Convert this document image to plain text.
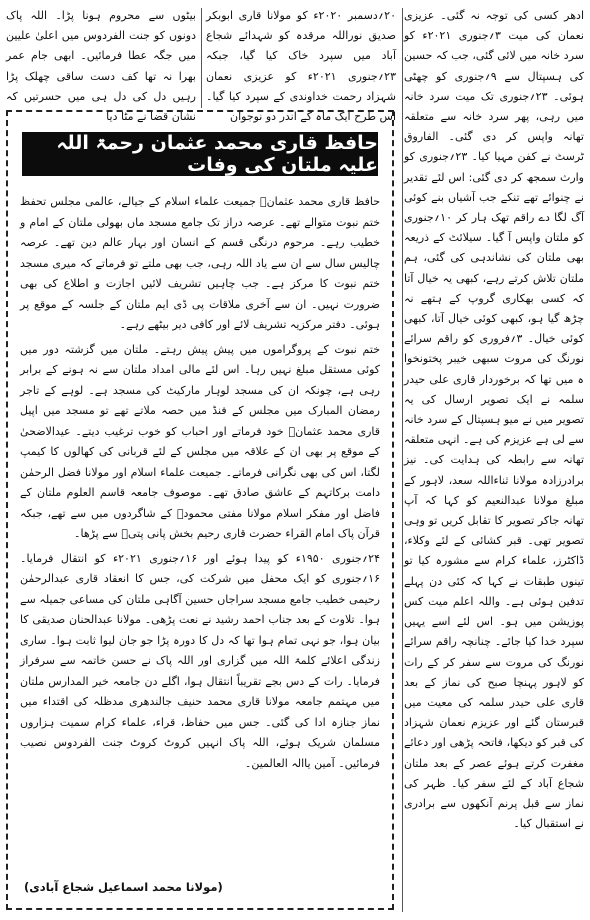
ادھر کسی کی توجہ نہ گئی۔ عزیزی نعمان کی میت ۳؍جنوری ۲۰۲۱ء کو سرد خانہ میں لائی گئی، جب کہ حسین کی ہسپتال سے ۹؍جنوری کو چھٹی ہوئی۔ ۲۳؍جنوری تک میت سرد خانہ میں رہی، پھر سرد خانہ سے متعلقہ تھانہ واپس کر دی گئی۔ الفاروق ٹرسٹ نے کفن مہیا کیا۔ ۲۳؍جنوری کو وارث سمجھ کر دی گئی: اس لئے تقدیر نے چنوائے تھے تنکے جب آشیاں بنے کوئی آگ لگا دے راقم تھک ہار کر ۱۰؍جنوری کو ملتان واپس آ گیا۔ سیلائٹ کے ذریعہ بھی ملتان کی نشاندہی کی گئی، ہم ملتان تلاش کرتے رہے، کبھی یہ خیال آتا کہ کسی بھکاری گروپ کے ہتھے نہ چڑھ گیا ہو، کبھی کوئی خیال آتا، کبھی کوئی خیال۔ ۳؍فروری کو راقم سرائے نورنگ کی مروت سبھی خیبر پختونخوا ہ میں تھا کہ برخوردار قاری علی حیدر سلمہ نے ایک تصویر ارسال کی یہ تصویر میں نے میو ہسپتال کے سرد خانہ سے لی ہے عزیزم کی ہے۔ انہی متعلقہ تھانہ سے رابطہ کی ہدایت کی۔ نیز برادرزادہ مولانا ثناءاللہ سعد، لاہور کے مبلغ مولانا عبدالنعیم کو کہا کہ آپ تھانہ جاکر تصویر کا تقابل کریں تو وہی تصویر تھی۔ قبر کشائی کے لئے وکلاء، ڈاکٹرز، علماء کرام سے مشورہ کیا تو تینوں طبقات نے کہا کہ کئی دن پہلے تدفین ہوئی ہے۔ واللہ اعلم میت کس پوزیشن میں ہو۔ اس لئے اسے یہیں سپرد خدا کیا جائے۔ چنانچہ راقم سرائے نورنگ کی مروت سے سفر کر کے رات کو لاہور پہنچا صبح کی نماز کے بعد قاری علی حیدر سلمہ کی معیت میں قبرستان گئے اور عزیزم نعمان شہزاد کی قبر کو دیکھا، فاتحہ پڑھی اور دعائے مغفرت کرتے ہوئے عصر کے بعد ملتان شجاع آباد کے لئے سفر کیا۔ ظہر کی نماز سے قبل پرنم آنکھوں سے برادری نے استقبال کیا۔

۲۰؍دسمبر ۲۰۲۰ء کو مولانا قاری ابوبکر صدیق نوراللہ مرقدہ کو شہدائے شجاع آباد میں سپرد خاک کیا گیا، جبکہ ۲۳؍جنوری ۲۰۲۱ء کو عزیزی نعمان شہزاد رحمت خداوندی کے سپرد کیا گیا۔ اس طرح ایک ماہ کے اندر دو نوجوان

بیٹوں سے محروم ہونا پڑا۔ اللہ پاک دونوں کو جنت الفردوس میں اعلیٰ علیین میں جگہ عطا فرمائیں۔ ابھی جام عمر بھرا نہ تھا کف دست ساقی چھلک پڑا رہیں دل کی دل ہی میں حسرتیں کہ نشان قضا نے مٹا دیا

حافظ قاری محمد عثمان رحمۃ اللہ علیہ ملتان کی وفات

حافظ قاری محمد عثمانؒ جمیعت علماء اسلام کے جیالے، عالمی مجلس تحفظ ختم نبوت متوالے تھے۔ عرصہ دراز تک جامع مسجد ماں بھولی ملتان کے امام و خطیب رہے۔ مرحوم درنگی قسم کے انسان اور بہار عالم دین تھے۔ عرصہ چالیس سال سے ان سے یاد اللہ رہی، جب بھی ملتے تو فرماتے کہ میری مسجد ختم نبوت کا مرکز ہے۔ جب چاہیں تشریف لائیں اجازت و اطلاع کی بھی ضرورت نہیں۔ ان سے آخری ملاقات پی ڈی ایم ملتان کے جلسہ کے موقع پر ہوئی۔ دفتر مرکزیہ تشریف لائے اور کافی دیر بیٹھے رہے۔

ختم نبوت کے پروگراموں میں پیش پیش رہتے۔ ملتان میں گزشتہ دور میں کوئی مستقل مبلغ نہیں رہا۔ اس لئے مالی امداد ملتان سے نہ ہونے کے برابر رہی ہے، چونکہ ان کی مسجد لوہار مارکیٹ کی مسجد ہے۔ لوہے کے تاجر رمضان المبارک میں مجلس کے فنڈ میں حصہ ملاتے تھے تو مسجد میں اپیل قاری محمد عثمانؒ خود فرماتے اور احباب کو خوب ترغیب دیتے۔ عیدالاضحیٰ کے موقع پر بھی ان کے علاقہ میں مجلس کے لئے قربانی کی کھالوں کا کیمپ لگتا، اس کی بھی نگرانی فرماتے۔ جمیعت علماء اسلام اور مولانا فضل الرحمٰن دامت برکاتہم کے عاشق صادق تھے۔ موصوف جامعہ قاسم العلوم ملتان کے فاضل اور مفکر اسلام مولانا مفتی محمودؒ کے شاگردوں میں سے تھے، جبکہ قرآن پاک امام القراء حضرت قاری رحیم بخش پانی پتیؒ سے پڑھا۔

۲۴؍جنوری ۱۹۵۰ء کو پیدا ہوئے اور ۱۶؍جنوری ۲۰۲۱ء کو انتقال فرمایا۔ ۱۶؍جنوری کو ایک محفل میں شرکت کی، جس کا انعقاد قاری عبدالرحمٰن رحیمی خطیب جامع مسجد سراجاں حسین آگاہی ملتان کی مساعی جمیلہ سے ہوا۔ تلاوت کے بعد جناب احمد رشید نے نعت پڑھی۔ مولانا عبدالحنان صدیقی کا بیان ہوا، جو نہی تمام ہوا تھا کہ دل کا دورہ پڑا جو جان لیوا ثابت ہوا۔ ساری زندگی اعلائے کلمۃ اللہ میں گزاری اور اللہ پاک نے حسن خاتمہ سے سرفراز فرمایا۔ رات کے دس بجے تقریباً انتقال ہوا، اگلے دن جامعہ خیر المدارس ملتان میں مہتمم جامعہ مولانا قاری محمد حنیف جالندھری مدظلہ کی اقتداء میں نماز جنازہ ادا کی گئی۔ جس میں حفاظ، قراء، علماء کرام سمیت ہزاروں مسلمان شریک ہوئے، اللہ پاک انہیں کروٹ کروٹ جنت الفردوس نصیب فرمائیں۔ آمین یاالہ العالمین۔

(مولانا محمد اسماعیل شجاع آبادی)
